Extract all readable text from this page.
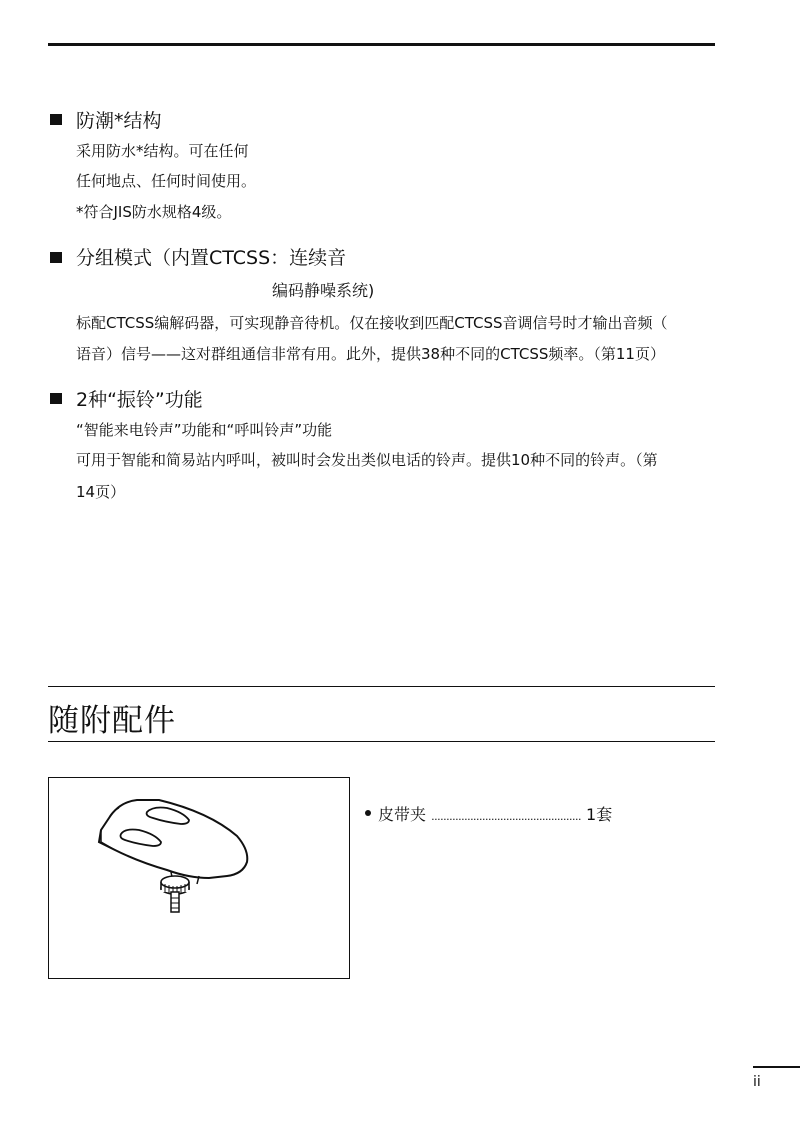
防潮*结构
采用防水*结构。可在任何
任何地点、任何时间使用。
*符合JIS防水规格4级。
分组模式（内置CTCSS：连续音
编码静噪系统)
标配CTCSS编解码器，可实现静音待机。仅在接收到匹配CTCSS音调信号时才输出音频（
语音）信号——这对群组通信非常有用。此外，提供38种不同的CTCSS频率。（第11页）
2种“振铃”功能
“智能来电铃声”功能和“呼叫铃声”功能
可用于智能和简易站内呼叫，被叫时会发出类似电话的铃声。提供10种不同的铃声。（第
14页）
随附配件
皮带夹 .................................................. 1套
ii
